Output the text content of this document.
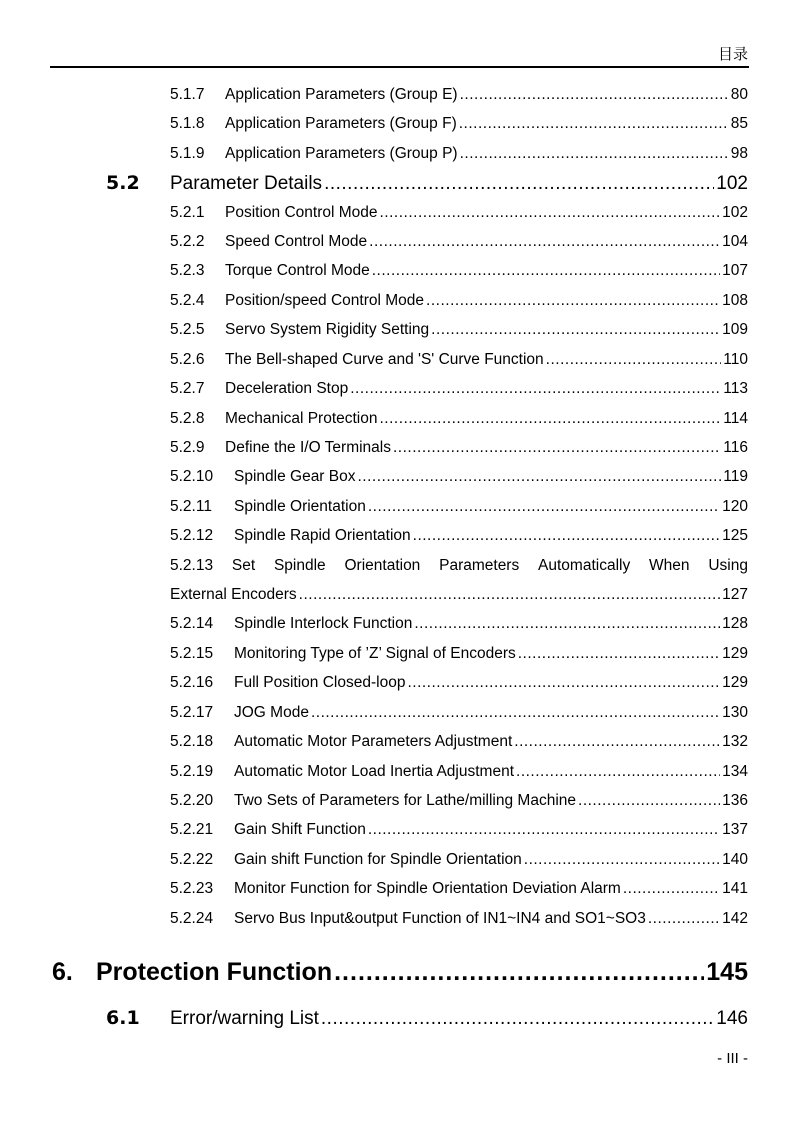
目录
5.1.7	Application Parameters (Group E) .....	80
5.1.8	Application Parameters (Group F) .....	85
5.1.9	Application Parameters (Group P) .....	98
5.2	Parameter Details .....	102
5.2.1	Position Control Mode .....	102
5.2.2	Speed Control Mode .....	104
5.2.3	Torque Control Mode .....	107
5.2.4	Position/speed Control Mode .....	108
5.2.5	Servo System Rigidity Setting .....	109
5.2.6	The Bell-shaped Curve and 'S' Curve Function .....	110
5.2.7	Deceleration Stop .....	113
5.2.8	Mechanical Protection .....	114
5.2.9	Define the I/O Terminals .....	116
5.2.10	Spindle Gear Box .....	119
5.2.11	Spindle Orientation .....	120
5.2.12	Spindle Rapid Orientation .....	125
5.2.13 Set Spindle Orientation Parameters Automatically When Using
External Encoders .....	127
5.2.14	Spindle Interlock Function .....	128
5.2.15	Monitoring Type of ’Z’ Signal of Encoders .....	129
5.2.16	Full Position Closed-loop .....	129
5.2.17	JOG Mode .....	130
5.2.18	Automatic Motor Parameters Adjustment .....	132
5.2.19	Automatic Motor Load Inertia Adjustment .....	134
5.2.20	Two Sets of Parameters for Lathe/milling Machine .....	136
5.2.21	Gain Shift Function .....	137
5.2.22	Gain shift Function for Spindle Orientation .....	140
5.2.23	Monitor Function for Spindle Orientation Deviation Alarm .....	141
5.2.24	Servo Bus Input&output Function of IN1~IN4 and SO1~SO3 .....	142
6. Protection Function .....	145
6.1	Error/warning List .....	146
- III -
